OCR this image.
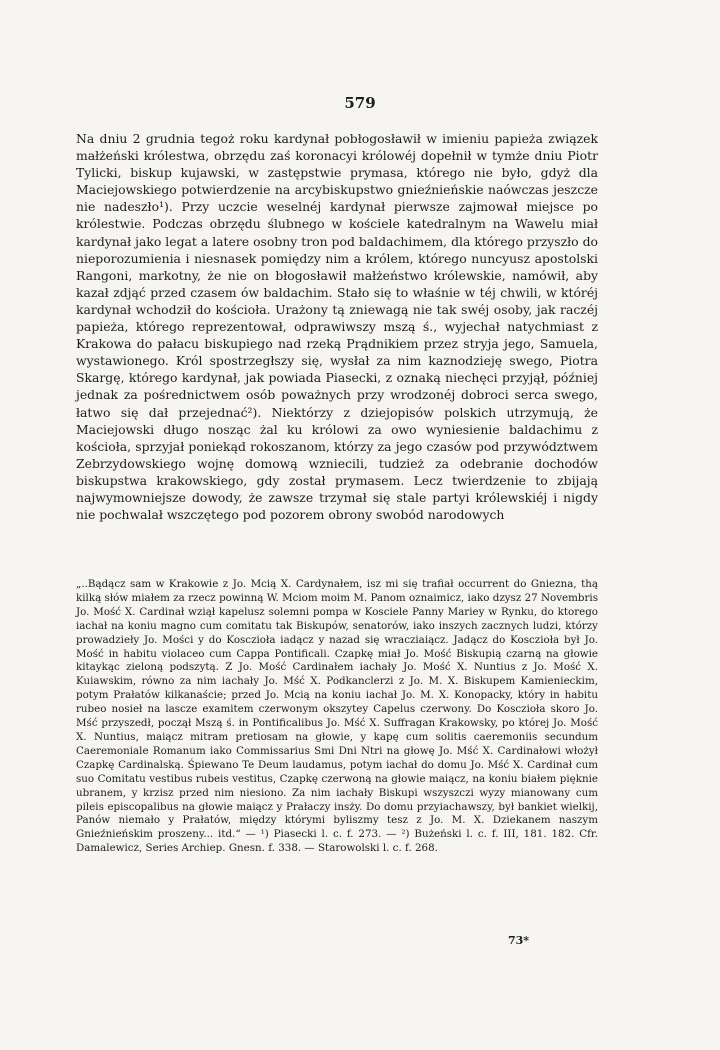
579

Na dniu 2 grudnia tegoż roku kardynał pobłogosławił w imieniu papieża związek małżeński królestwa, obrzędu zaś koronacyi królowéj dopełnił w tymże dniu Piotr Tylicki, biskup kujawski, w zastępstwie prymasa, którego nie było, gdyż dla Maciejowskiego potwierdzenie na arcybiskupstwo gnieźnieńskie naówczas jeszcze nie nadeszło¹). Przy uczcie weselnéj kardynał pierwsze zajmował miejsce po królestwie. Podczas obrzędu ślubnego w kościele katedralnym na Wawelu miał kardynał jako legat a latere osobny tron pod baldachimem, dla którego przyszło do nieporozumienia i niesnasek pomiędzy nim a królem, którego nuncyusz apostolski Rangoni, markotny, że nie on błogosławił małżeństwo królewskie, namówił, aby kazał zdjąć przed czasem ów baldachim. Stało się to właśnie w téj chwili, w któréj kardynał wchodził do kościoła. Urażony tą zniewagą nie tak swéj osoby, jak raczéj papieża, którego reprezentował, odprawiwszy mszą ś., wyjechał natychmiast z Krakowa do pałacu biskupiego nad rzeką Prądnikiem przez stryja jego, Samuela, wystawionego. Król spostrzegłszy się, wysłał za nim kaznodzieję swego, Piotra Skargę, którego kardynał, jak powiada Piasecki, z oznaką niechęci przyjął, później jednak za pośrednictwem osób poważnych przy wrodzonéj dobroci serca swego, łatwo się dał przejednać²). Niektórzy z dziejopisów polskich utrzymują, że Maciejowski długo nosząc żal ku królowi za owo wyniesienie baldachimu z kościoła, sprzyjał poniekąd rokoszanom, którzy za jego czasów pod przywództwem Zebrzydowskiego wojnę domową wzniecili, tudzież za odebranie dochodów biskupstwa krakowskiego, gdy został prymasem. Lecz twierdzenie to zbijają najwymowniejsze dowody, że zawsze trzymał się stale partyi królewskiéj i nigdy nie pochwalał wszczętego pod pozorem obrony swobód narodowych

„..Bądącz sam w Krakowie z Jo. Mcią X. Cardynałem, isz mi się trafiał occurrent do Gniezna, thą kilką słów miałem za rzecz powinną W. Mciom moim M. Panom oznaimicz, iako dzysz 27 Novembris Jo. Mość X. Cardinał wziął kapelusz solemni pompa w Kosciele Panny Mariey w Rynku, do ktorego iachał na koniu magno cum comitatu tak Biskupów, senatorów, iako inszych zacznych ludzi, którzy prowadzieły Jo. Mości y do Kosczioła iadącz y nazad się wracziaiącz. Jadącz do Kosczioła był Jo. Mość in habitu violaceo cum Cappa Pontificali. Czapkę miał Jo. Mość Biskupią czarną na głowie kitaykąc zieloną podszytą. Z Jo. Mość Cardinałem iachały Jo. Mość X. Nuntius z Jo. Mość X. Kuiawskim, równo za nim iachały Jo. Mść X. Podkanclerzi z Jo. M. X. Biskupem Kamienieckim, potym Prałatów kilkanaście; przed Jo. Mcią na koniu iachał Jo. M. X. Konopacky, który in habitu rubeo nosieł na lascze examitem czerwonym okszytey Capelus czerwony. Do Kosczioła skoro Jo. Mść przyszedł, począł Mszą ś. in Pontificalibus Jo. Mść X. Suffragan Krakowsky, po której Jo. Mość X. Nuntius, maiącz mitram pretiosam na głowie, y kapę cum solitis caeremoniis secundum Caeremoniale Romanum iako Commissarius Smi Dni Ntri na głowę Jo. Mść X. Cardinałowi włożył Czapkę Cardinalską. Śpiewano Te Deum laudamus, potym iachał do domu Jo. Mść X. Cardinał cum suo Comitatu vestibus rubeis vestitus, Czapkę czerwoną na głowie maiącz, na koniu białem pięknie ubranem, y krzisz przed nim niesiono. Za nim iachały Biskupi wszyszczi wyzy mianowany cum pileis episcopalibus na głowie maiącz y Prałaczy insży. Do domu przyiachawszy, był bankiet wielkij, Panów niemało y Prałatów, między którymi byliszmy tesz z Jo. M. X. Dziekanem naszym Gnieźnieńskim proszeny... itd.“ — ¹) Piasecki l. c. f. 273. — ²) Bużeński l. c. f. III, 181. 182. Cfr. Damalewicz, Series Archiep. Gnesn. f. 338. — Starowolski l. c. f. 268.

73*
